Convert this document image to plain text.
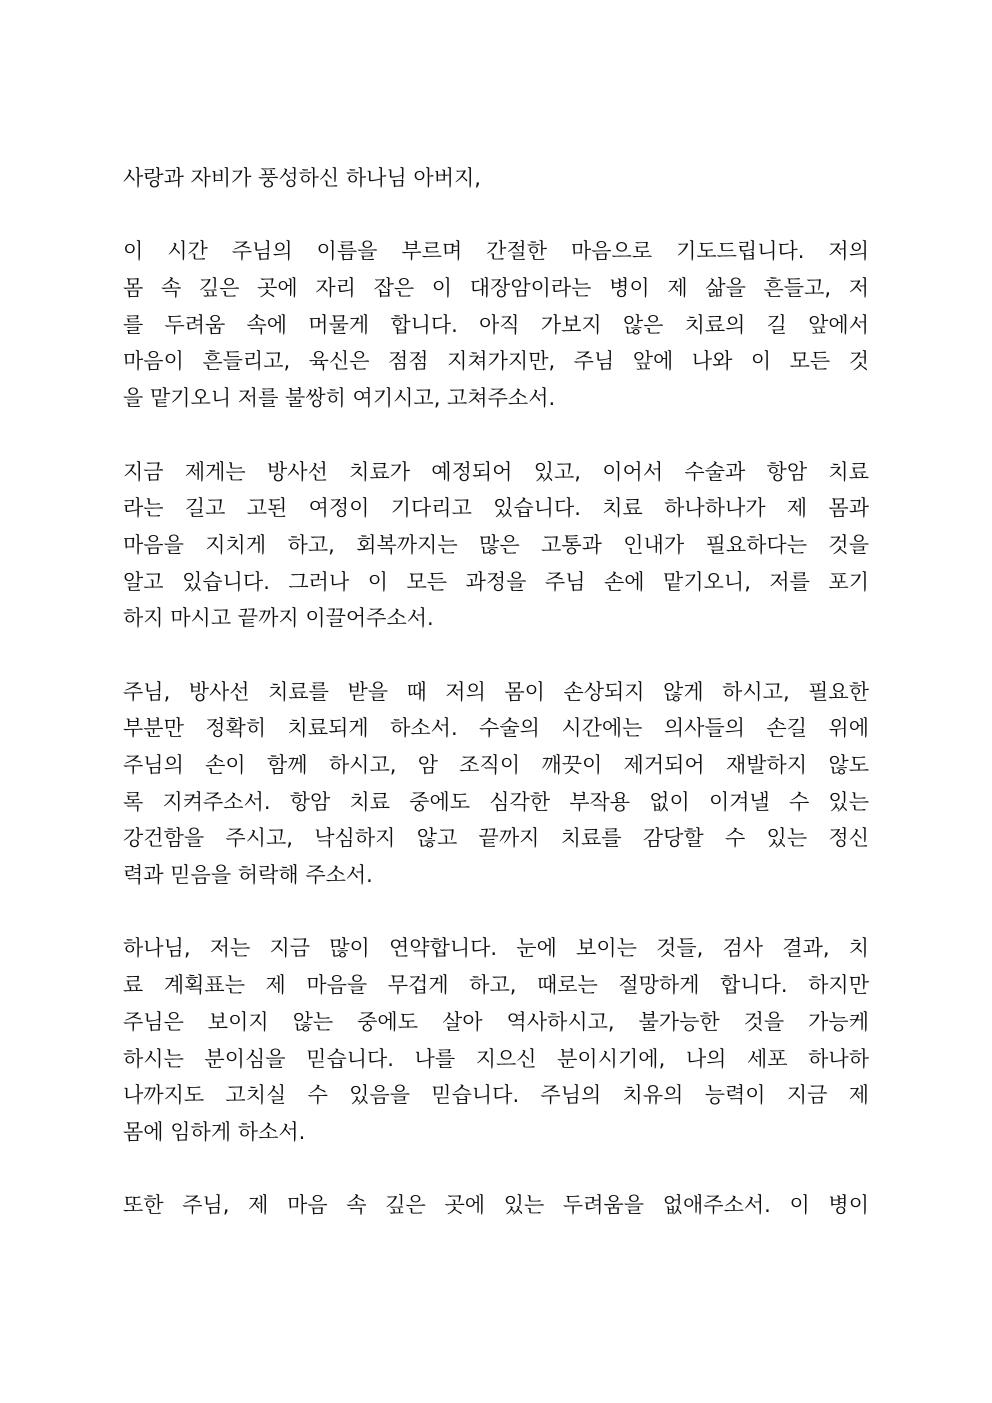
사랑과 자비가 풍성하신 하나님 아버지,
이 시간 주님의 이름을 부르며 간절한 마음으로 기도드립니다. 저의
몸 속 깊은 곳에 자리 잡은 이 대장암이라는 병이 제 삶을 흔들고, 저
를 두려움 속에 머물게 합니다. 아직 가보지 않은 치료의 길 앞에서
마음이 흔들리고, 육신은 점점 지쳐가지만, 주님 앞에 나와 이 모든 것
을 맡기오니 저를 불쌍히 여기시고, 고쳐주소서.
지금 제게는 방사선 치료가 예정되어 있고, 이어서 수술과 항암 치료
라는 길고 고된 여정이 기다리고 있습니다. 치료 하나하나가 제 몸과
마음을 지치게 하고, 회복까지는 많은 고통과 인내가 필요하다는 것을
알고 있습니다. 그러나 이 모든 과정을 주님 손에 맡기오니, 저를 포기
하지 마시고 끝까지 이끌어주소서.
주님, 방사선 치료를 받을 때 저의 몸이 손상되지 않게 하시고, 필요한
부분만 정확히 치료되게 하소서. 수술의 시간에는 의사들의 손길 위에
주님의 손이 함께 하시고, 암 조직이 깨끗이 제거되어 재발하지 않도
록 지켜주소서. 항암 치료 중에도 심각한 부작용 없이 이겨낼 수 있는
강건함을 주시고, 낙심하지 않고 끝까지 치료를 감당할 수 있는 정신
력과 믿음을 허락해 주소서.
하나님, 저는 지금 많이 연약합니다. 눈에 보이는 것들, 검사 결과, 치
료 계획표는 제 마음을 무겁게 하고, 때로는 절망하게 합니다. 하지만
주님은 보이지 않는 중에도 살아 역사하시고, 불가능한 것을 가능케
하시는 분이심을 믿습니다. 나를 지으신 분이시기에, 나의 세포 하나하
나까지도 고치실 수 있음을 믿습니다. 주님의 치유의 능력이 지금 제
몸에 임하게 하소서.
또한 주님, 제 마음 속 깊은 곳에 있는 두려움을 없애주소서. 이 병이
